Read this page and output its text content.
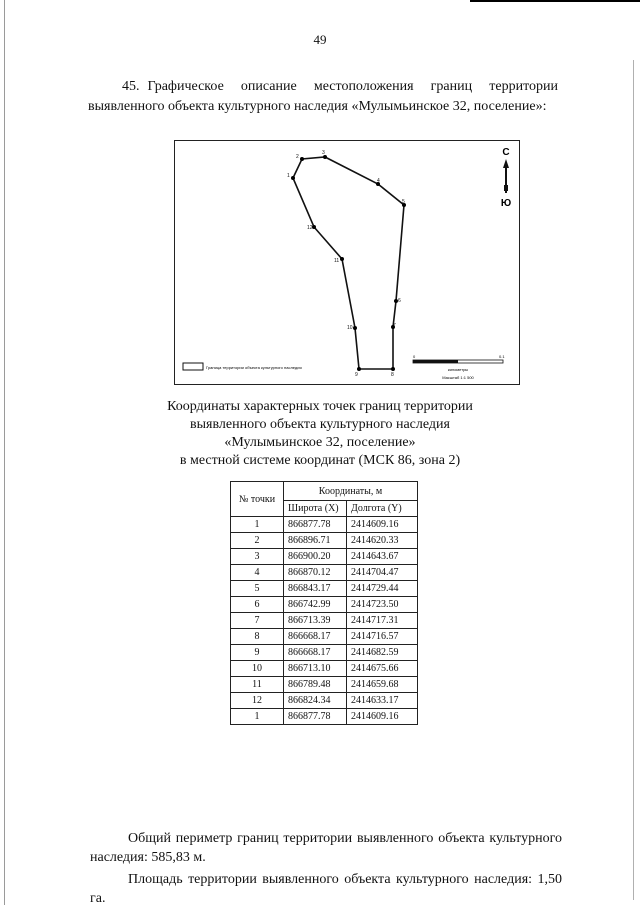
49
45. Графическое описание местоположения границ территории выявленного объекта культурного наследия «Мулымьинское 32, поселение»:
1
2
3
4
5
6
7
8
9
10
11
12
С
Ю
Граница территории объекта культурного наследия
0	0.1
километры
Масштаб 1:1 500
Координаты характерных точек границ территории
выявленного объекта культурного наследия
«Мулымьинское 32, поселение»
в местной системе координат (МСК 86, зона 2)
№ точки	Координаты, м	
	Широта (X)	Долгота (Y)
1	866877.78	2414609.16
2	866896.71	2414620.33
3	866900.20	2414643.67
4	866870.12	2414704.47
5	866843.17	2414729.44
6	866742.99	2414723.50
7	866713.39	2414717.31
8	866668.17	2414716.57
9	866668.17	2414682.59
10	866713.10	2414675.66
11	866789.48	2414659.68
12	866824.34	2414633.17
1	866877.78	2414609.16
Общий периметр границ территории выявленного объекта культурного наследия: 585,83 м.
Площадь территории выявленного объекта культурного наследия: 1,50 га.
